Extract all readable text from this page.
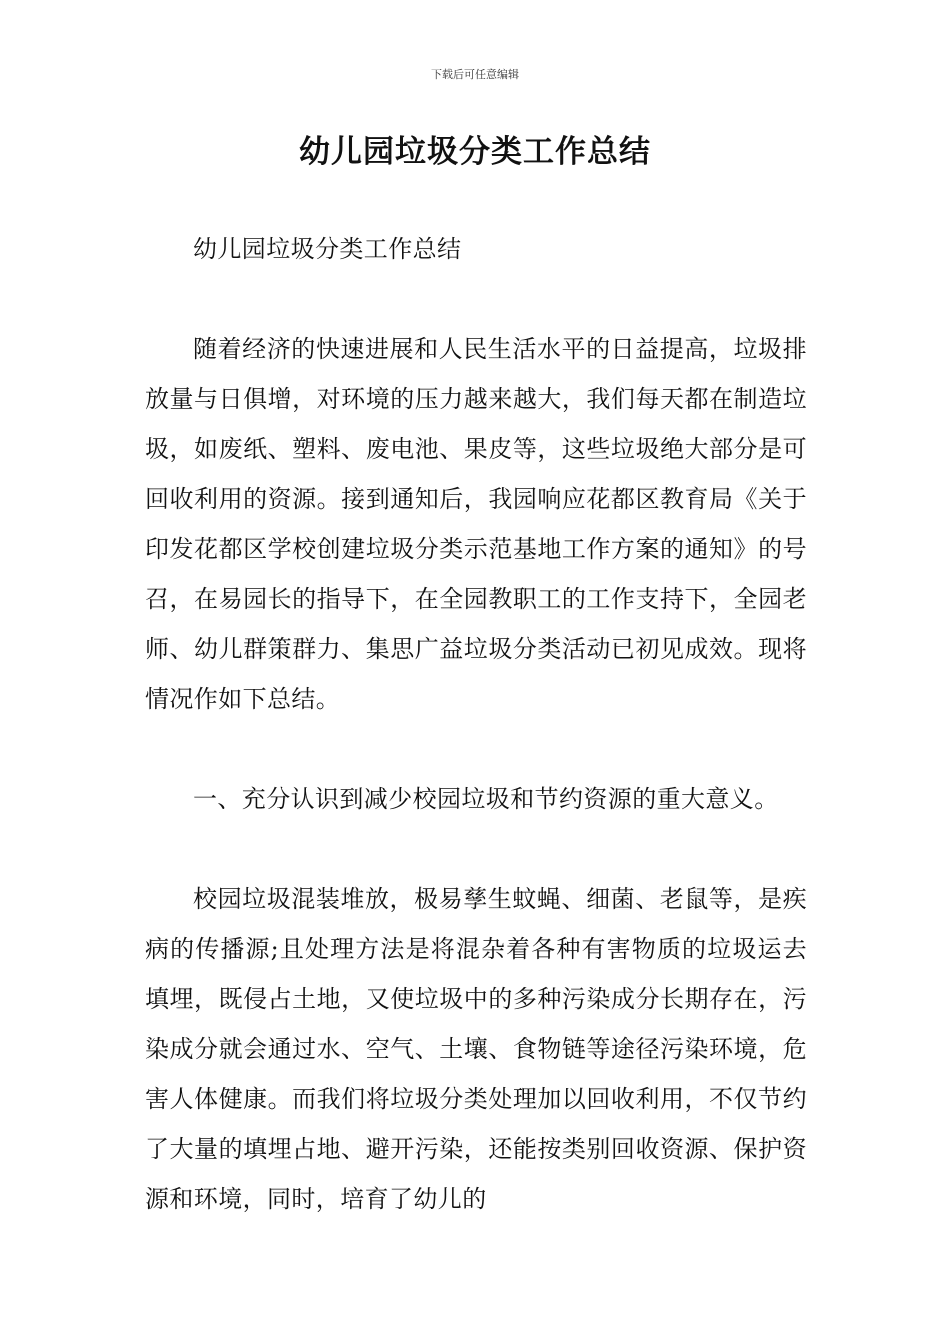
下载后可任意编辑
幼儿园垃圾分类工作总结

幼儿园垃圾分类工作总结

随着经济的快速进展和人民生活水平的日益提高，垃圾排放量与日俱增，对环境的压力越来越大，我们每天都在制造垃圾，如废纸、塑料、废电池、果皮等，这些垃圾绝大部分是可回收利用的资源。接到通知后，我园响应花都区教育局《关于印发花都区学校创建垃圾分类示范基地工作方案的通知》的号召，在易园长的指导下，在全园教职工的工作支持下，全园老师、幼儿群策群力、集思广益垃圾分类活动已初见成效。现将情况作如下总结。

一、充分认识到减少校园垃圾和节约资源的重大意义。

校园垃圾混装堆放，极易孳生蚊蝇、细菌、老鼠等，是疾病的传播源;且处理方法是将混杂着各种有害物质的垃圾运去填埋，既侵占土地，又使垃圾中的多种污染成分长期存在，污染成分就会通过水、空气、土壤、食物链等途径污染环境，危害人体健康。而我们将垃圾分类处理加以回收利用，不仅节约了大量的填埋占地、避开污染，还能按类别回收资源、保护资源和环境，同时，培育了幼儿的
